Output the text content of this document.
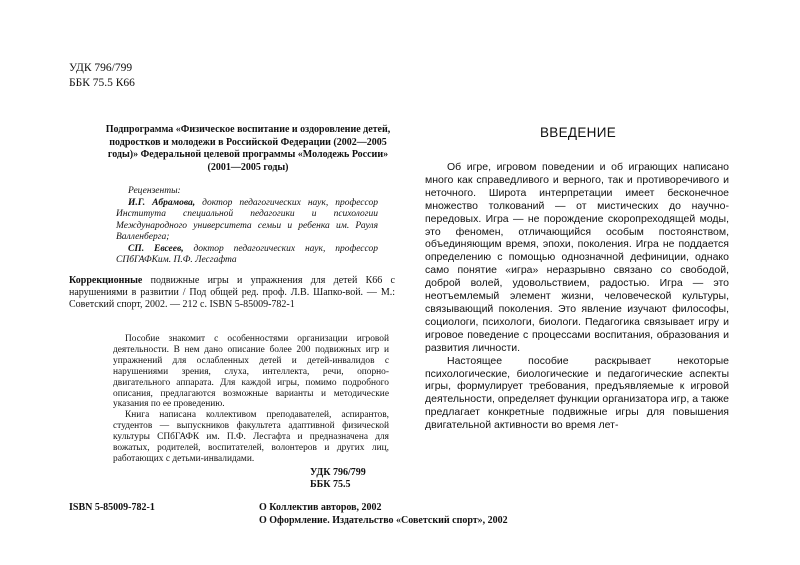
УДК 796/799
ББК 75.5 К66
Подпрограмма «Физическое воспитание и оздоровление детей, подростков и молодежи в Российской Федерации (2002—2005 годы)» Федеральной целевой программы «Молодежь России» (2001—2005 годы)

Рецензенты:

И.Г. Абрамова, доктор педагогических наук, профессор Института специальной педагогики и психологии Международного университета семьи и ребенка им. Рауля Валленберга;

СП. Евсеев, доктор педагогических наук, профессор СПбГАФКим. П.Ф. Лесгафта

Коррекционные подвижные игры и упражнения для детей К66 с нарушениями в развитии / Под общей ред. проф. Л.В. Шапко-вой. — М.: Советский спорт, 2002. — 212 с. ISBN 5-85009-782-1

Пособие знакомит с особенностями организации игровой деятельности. В нем дано описание более 200 подвижных игр и упражнений для ослабленных детей и детей-инвалидов с нарушениями зрения, слуха, интеллекта, речи, опорно-двигательного аппарата. Для каждой игры, помимо подробного описания, предлагаются возможные варианты и методические указания по ее проведению.

Книга написана коллективом преподавателей, аспирантов, студентов — выпускников факультета адаптивной физической культуры СПбГАФК им. П.Ф. Лесгафта и предназначена для вожатых, родителей, воспитателей, волонтеров и других лиц, работающих с детьми-инвалидами.

УДК 796/799
ББК 75.5
ISBN 5-85009-782-1	О Коллектив авторов, 2002
О Оформление. Издательство «Советский спорт», 2002
ВВЕДЕНИЕ

Об игре, игровом поведении и об играющих написано много как справедливого и верного, так и противоречивого и неточного. Широта интерпретации имеет бесконечное множество толкований — от мистических до научно-передовых. Игра — не порождение скоропреходящей моды, это феномен, отличающийся особым постоянством, объединяющим время, эпохи, поколения. Игра не поддается определению с помощью однозначной дефиниции, однако само понятие «игра» неразрывно связано со свободой, доброй волей, удовольствием, радостью. Игра — это неотъемлемый элемент жизни, человеческой культуры, связывающий поколения. Это явление изучают философы, социологи, психологи, биологи. Педагогика связывает игру и игровое поведение с процессами воспитания, образования и развития личности.

Настоящее пособие раскрывает некоторые психологические, биологические и педагогические аспекты игры, формулирует требования, предъявляемые к игровой деятельности, определяет функции организатора игр, а также предлагает конкретные подвижные игры для повышения двигательной активности во время лет-
